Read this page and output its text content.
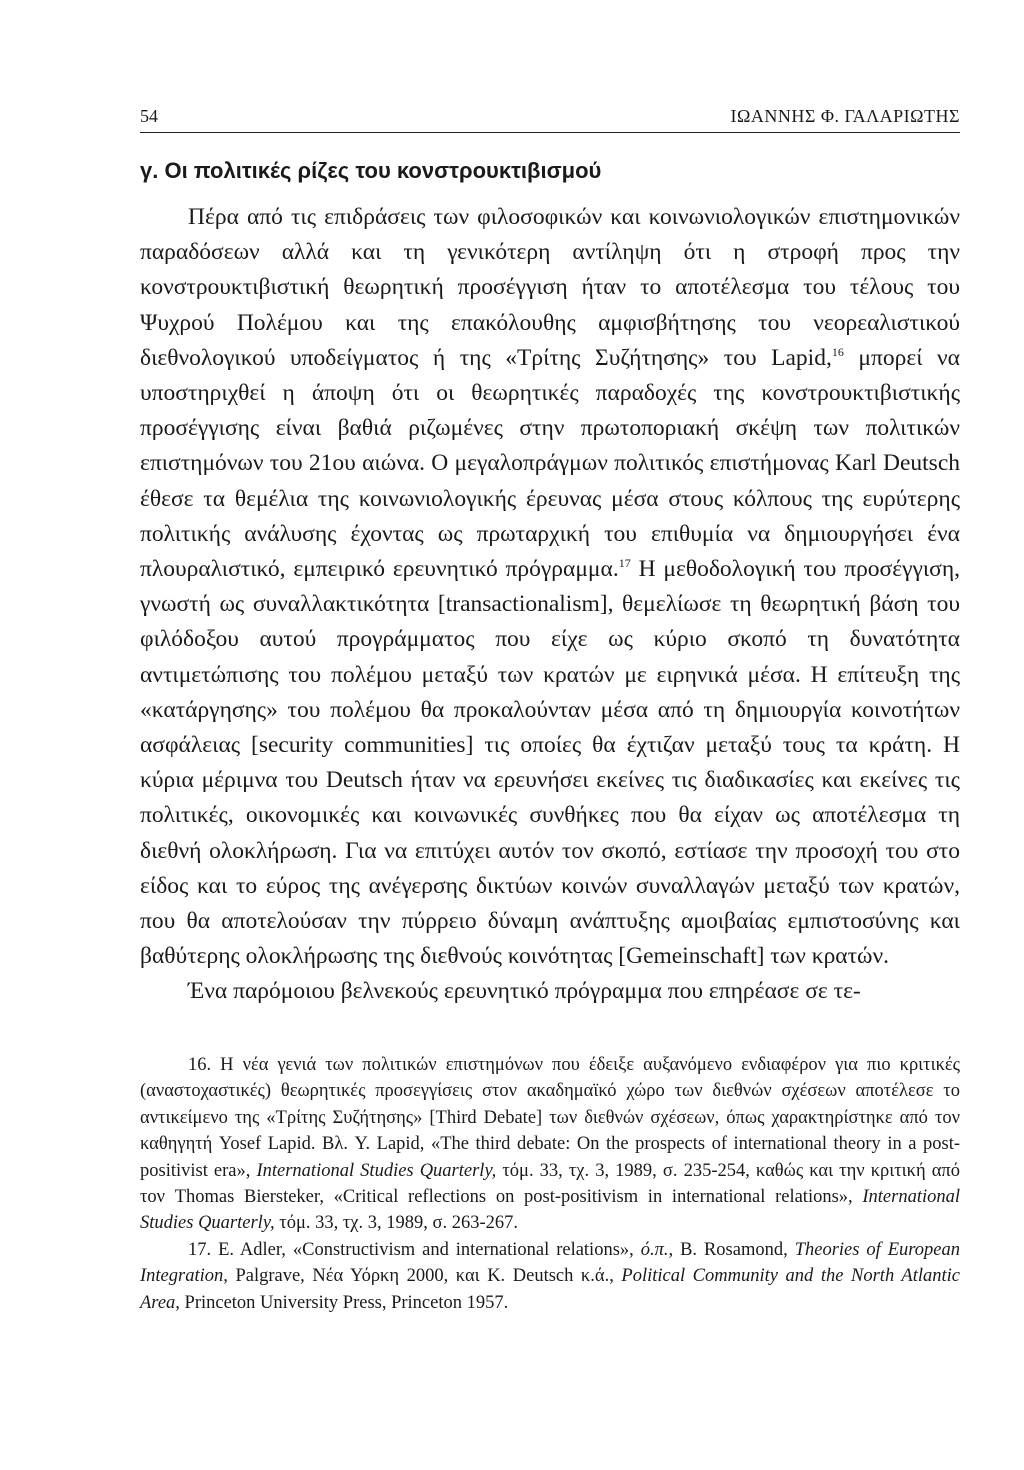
54	ΙΩΑΝΝΗΣ Φ. ΓΑΛΑΡΙΩΤΗΣ
γ. Οι πολιτικές ρίζες του κονστρουκτιβισμού

Πέρα από τις επιδράσεις των φιλοσοφικών και κοινωνιολογικών επιστημονικών παραδόσεων αλλά και τη γενικότερη αντίληψη ότι η στροφή προς την κονστρουκτιβιστική θεωρητική προσέγγιση ήταν το αποτέλεσμα του τέλους του Ψυχρού Πολέμου και της επακόλουθης αμφισβήτησης του νεορεαλιστικού διεθνολογικού υποδείγματος ή της «Τρίτης Συζήτησης» του Lapid,$^{16}$ μπορεί να υποστηριχθεί η άποψη ότι οι θεωρητικές παραδοχές της κονστρουκτιβιστικής προσέγγισης είναι βαθιά ριζωμένες στην πρωτοποριακή σκέψη των πολιτικών επιστημόνων του 21ου αιώνα. Ο μεγαλοπράγμων πολιτικός επιστήμονας Karl Deutsch έθεσε τα θεμέλια της κοινωνιολογικής έρευνας μέσα στους κόλπους της ευρύτερης πολιτικής ανάλυσης έχοντας ως πρωταρχική του επιθυμία να δημιουργήσει ένα πλουραλιστικό, εμπειρικό ερευνητικό πρόγραμμα.$^{17}$ Η μεθοδολογική του προσέγγιση, γνωστή ως συναλλακτικότητα [transactionalism], θεμελίωσε τη θεωρητική βάση του φιλόδοξου αυτού προγράμματος που είχε ως κύριο σκοπό τη δυνατότητα αντιμετώπισης του πολέμου μεταξύ των κρατών με ειρηνικά μέσα. Η επίτευξη της «κατάργησης» του πολέμου θα προκαλούνταν μέσα από τη δημιουργία κοινοτήτων ασφάλειας [security communities] τις οποίες θα έχτιζαν μεταξύ τους τα κράτη. Η κύρια μέριμνα του Deutsch ήταν να ερευνήσει εκείνες τις διαδικασίες και εκείνες τις πολιτικές, οικονομικές και κοινωνικές συνθήκες που θα είχαν ως αποτέλεσμα τη διεθνή ολοκλήρωση. Για να επιτύχει αυτόν τον σκοπό, εστίασε την προσοχή του στο είδος και το εύρος της ανέγερσης δικτύων κοινών συναλλαγών μεταξύ των κρατών, που θα αποτελούσαν την πύρρειο δύναμη ανάπτυξης αμοιβαίας εμπιστοσύνης και βαθύτερης ολοκλήρωσης της διεθνούς κοινότητας [Gemeinschaft] των κρατών.

Ένα παρόμοιου βελνεκούς ερευνητικό πρόγραμμα που επηρέασε σε τε-

16. Η νέα γενιά των πολιτικών επιστημόνων που έδειξε αυξανόμενο ενδιαφέρον για πιο κριτικές (αναστοχαστικές) θεωρητικές προσεγγίσεις στον ακαδημαϊκό χώρο των διεθνών σχέσεων αποτέλεσε το αντικείμενο της «Τρίτης Συζήτησης» [Third Debate] των διεθνών σχέσεων, όπως χαρακτηρίστηκε από τον καθηγητή Yosef Lapid. Βλ. Y. Lapid, «The third debate: On the prospects of international theory in a post-positivist era», International Studies Quarterly, τόμ. 33, τχ. 3, 1989, σ. 235-254, καθώς και την κριτική από τον Thomas Biersteker, «Critical reflections on post-positivism in international relations», International Studies Quarterly, τόμ. 33, τχ. 3, 1989, σ. 263-267.

17. E. Adler, «Constructivism and international relations», ό.π., B. Rosamond, Theories of European Integration, Palgrave, Νέα Υόρκη 2000, και K. Deutsch κ.ά., Political Community and the North Atlantic Area, Princeton University Press, Princeton 1957.
